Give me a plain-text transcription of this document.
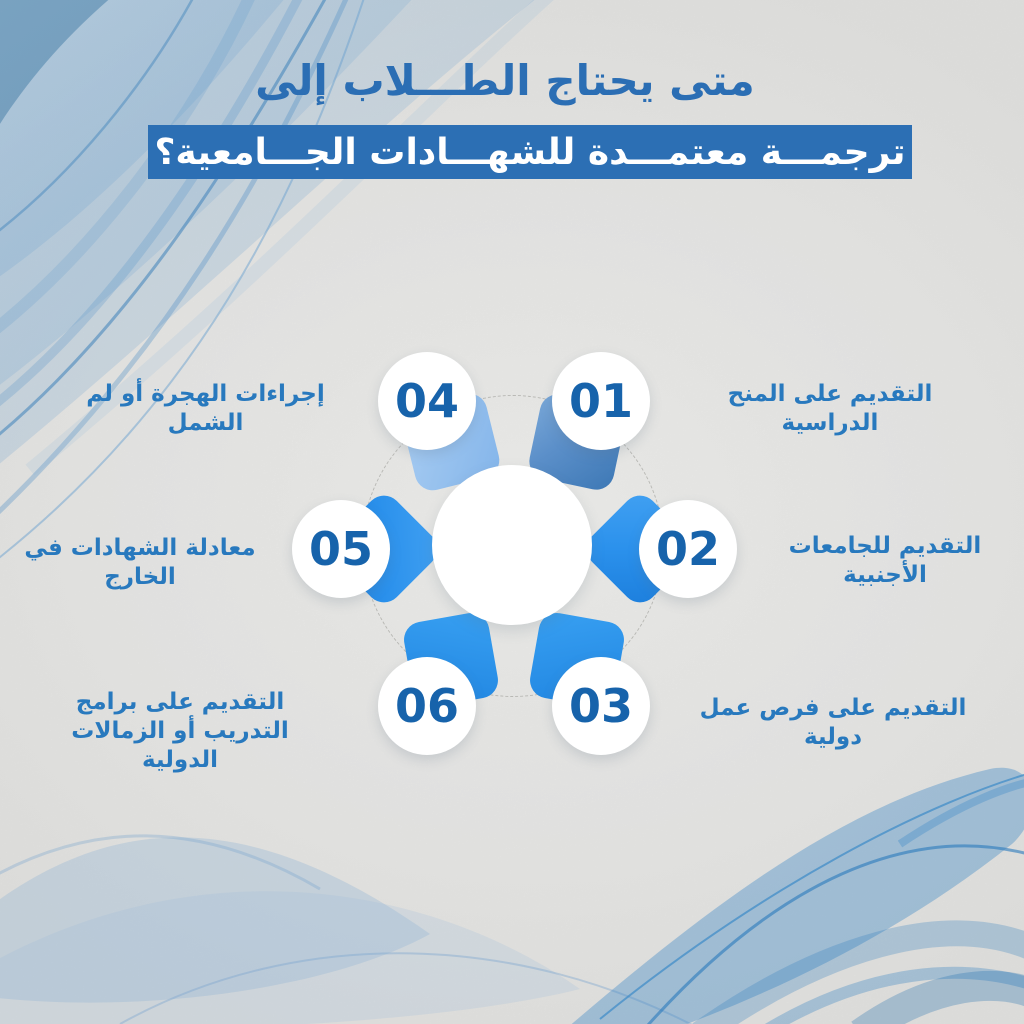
متى يحتاج الطـــلاب إلى
ترجمـــة معتمـــدة للشهـــادات الجـــامعية؟
01
02
03
04
05
06
التقديم على المنح الدراسية
التقديم للجامعات الأجنبية
التقديم على فرص عمل دولية
إجراءات الهجرة أو لم الشمل
معادلة الشهادات في الخارج
التقديم على برامج التدريب أو الزمالات الدولية
